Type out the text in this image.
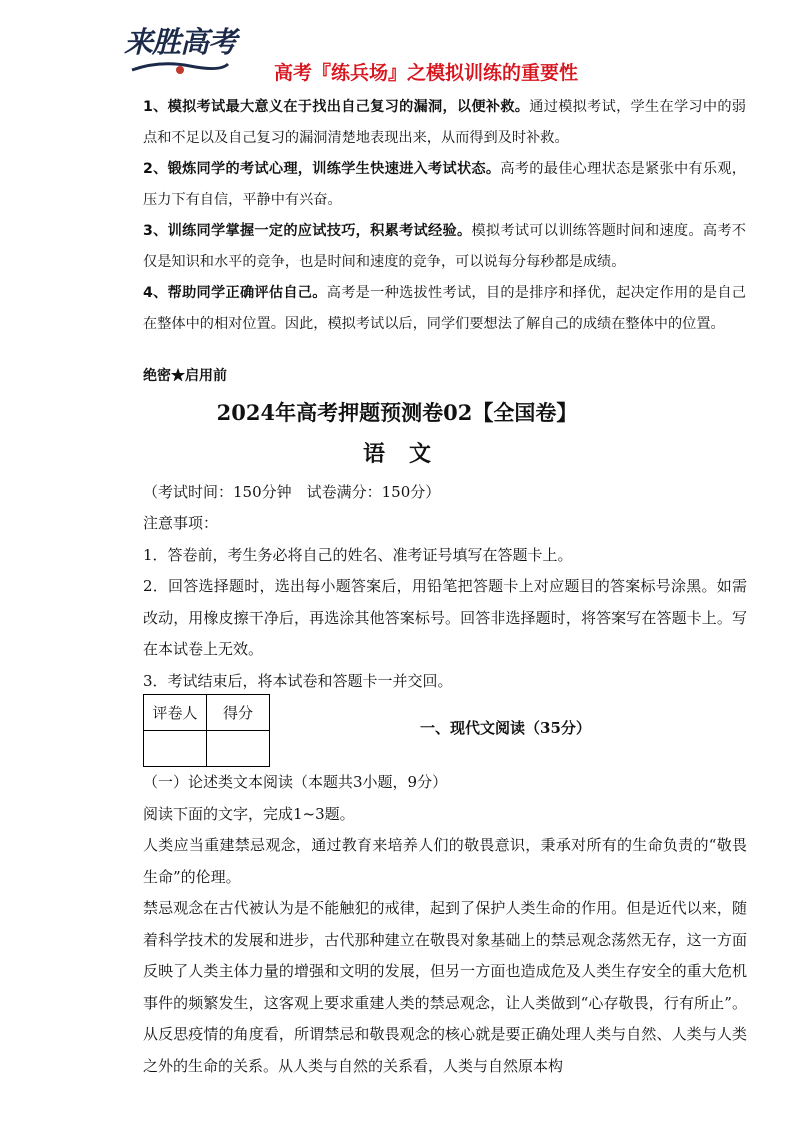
来胜高考
高考『练兵场』之模拟训练的重要性

1、模拟考试最大意义在于找出自己复习的漏洞，以便补救。通过模拟考试，学生在学习中的弱点和不足以及自己复习的漏洞清楚地表现出来，从而得到及时补救。

2、锻炼同学的考试心理，训练学生快速进入考试状态。高考的最佳心理状态是紧张中有乐观，压力下有自信，平静中有兴奋。

3、训练同学掌握一定的应试技巧，积累考试经验。模拟考试可以训练答题时间和速度。高考不仅是知识和水平的竞争，也是时间和速度的竞争，可以说每分每秒都是成绩。

4、帮助同学正确评估自己。高考是一种选拔性考试，目的是排序和择优，起决定作用的是自己在整体中的相对位置。因此，模拟考试以后，同学们要想法了解自己的成绩在整体中的位置。

绝密★启用前
2024年高考押题预测卷02【全国卷】
语文

（考试时间：150分钟　试卷满分：150分）

注意事项：

1．答卷前，考生务必将自己的姓名、准考证号填写在答题卡上。

2．回答选择题时，选出每小题答案后，用铅笔把答题卡上对应题目的答案标号涂黑。如需改动，用橡皮擦干净后，再选涂其他答案标号。回答非选择题时，将答案写在答题卡上。写在本试卷上无效。

3．考试结束后，将本试卷和答题卡一并交回。

评卷人	得分

一、现代文阅读（35分）

（一）论述类文本阅读（本题共3小题，9分）

阅读下面的文字，完成1~3题。

人类应当重建禁忌观念，通过教育来培养人们的敬畏意识，秉承对所有的生命负责的“敬畏生命”的伦理。

禁忌观念在古代被认为是不能触犯的戒律，起到了保护人类生命的作用。但是近代以来，随着科学技术的发展和进步，古代那种建立在敬畏对象基础上的禁忌观念荡然无存，这一方面反映了人类主体力量的增强和文明的发展，但另一方面也造成危及人类生存安全的重大危机事件的频繁发生，这客观上要求重建人类的禁忌观念，让人类做到“心存敬畏，行有所止”。从反思疫情的角度看，所谓禁忌和敬畏观念的核心就是要正确处理人类与自然、人类与人类之外的生命的关系。从人类与自然的关系看，人类与自然原本构
